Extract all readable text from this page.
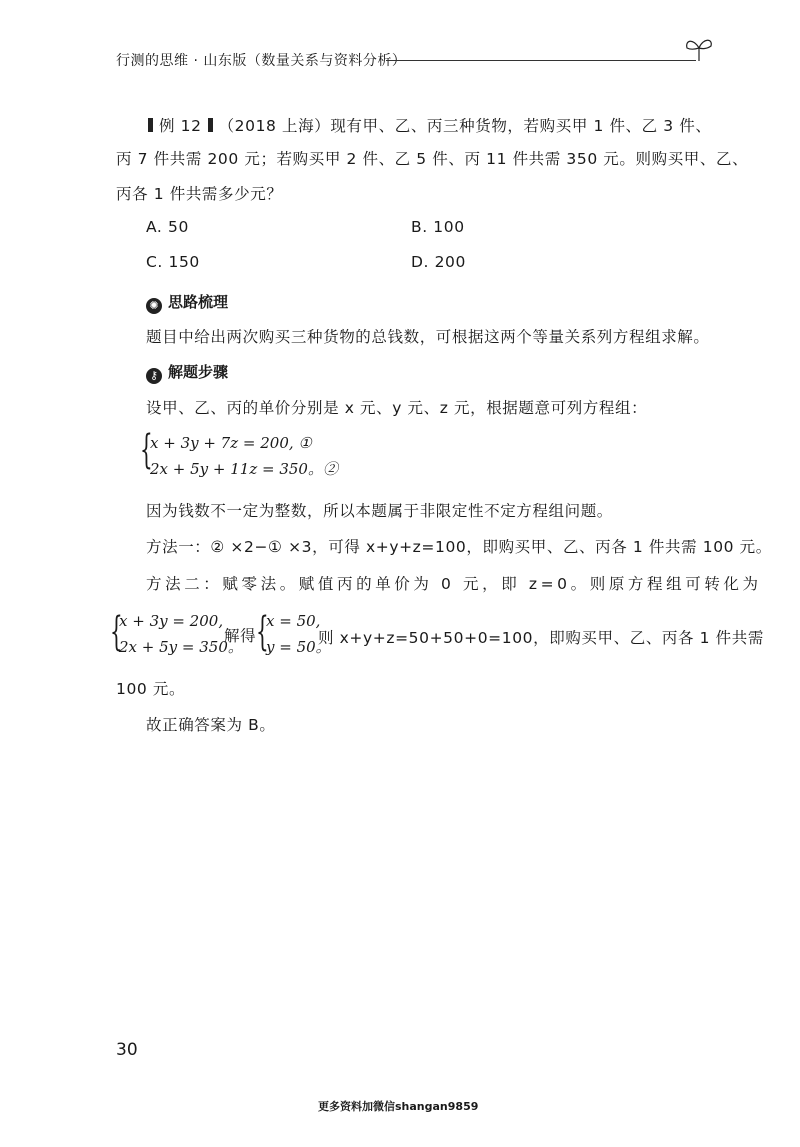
行测的思维 · 山东版（数量关系与资料分析）
例 12 （2018 上海）现有甲、乙、丙三种货物，若购买甲 1 件、乙 3 件、
丙 7 件共需 200 元；若购买甲 2 件、乙 5 件、丙 11 件共需 350 元。则购买甲、乙、
丙各 1 件共需多少元？
A. 50	B. 100
C. 150	D. 200
✺ 思路梳理
题目中给出两次购买三种货物的总钱数，可根据这两个等量关系列方程组求解。
⚷ 解题步骤
设甲、乙、丙的单价分别是 x 元、y 元、z 元，根据题意可列方程组：
{
x + 3y + 7z = 200, ①
2x + 5y + 11z = 350。②
因为钱数不一定为整数，所以本题属于非限定性不定方程组问题。
方法一：② ×2−① ×3，可得 x+y+z=100，即购买甲、乙、丙各 1 件共需 100 元。
方法二：赋零法。赋值丙的单价为 0 元，即 z=0。则原方程组可转化为
{
x + 3y = 200,
2x + 5y = 350。
解得 {
x = 50,
y = 50。
则 x+y+z=50+50+0=100，即购买甲、乙、丙各 1 件共需
100 元。
故正确答案为 B。
30
更多资料加微信shangan9859
